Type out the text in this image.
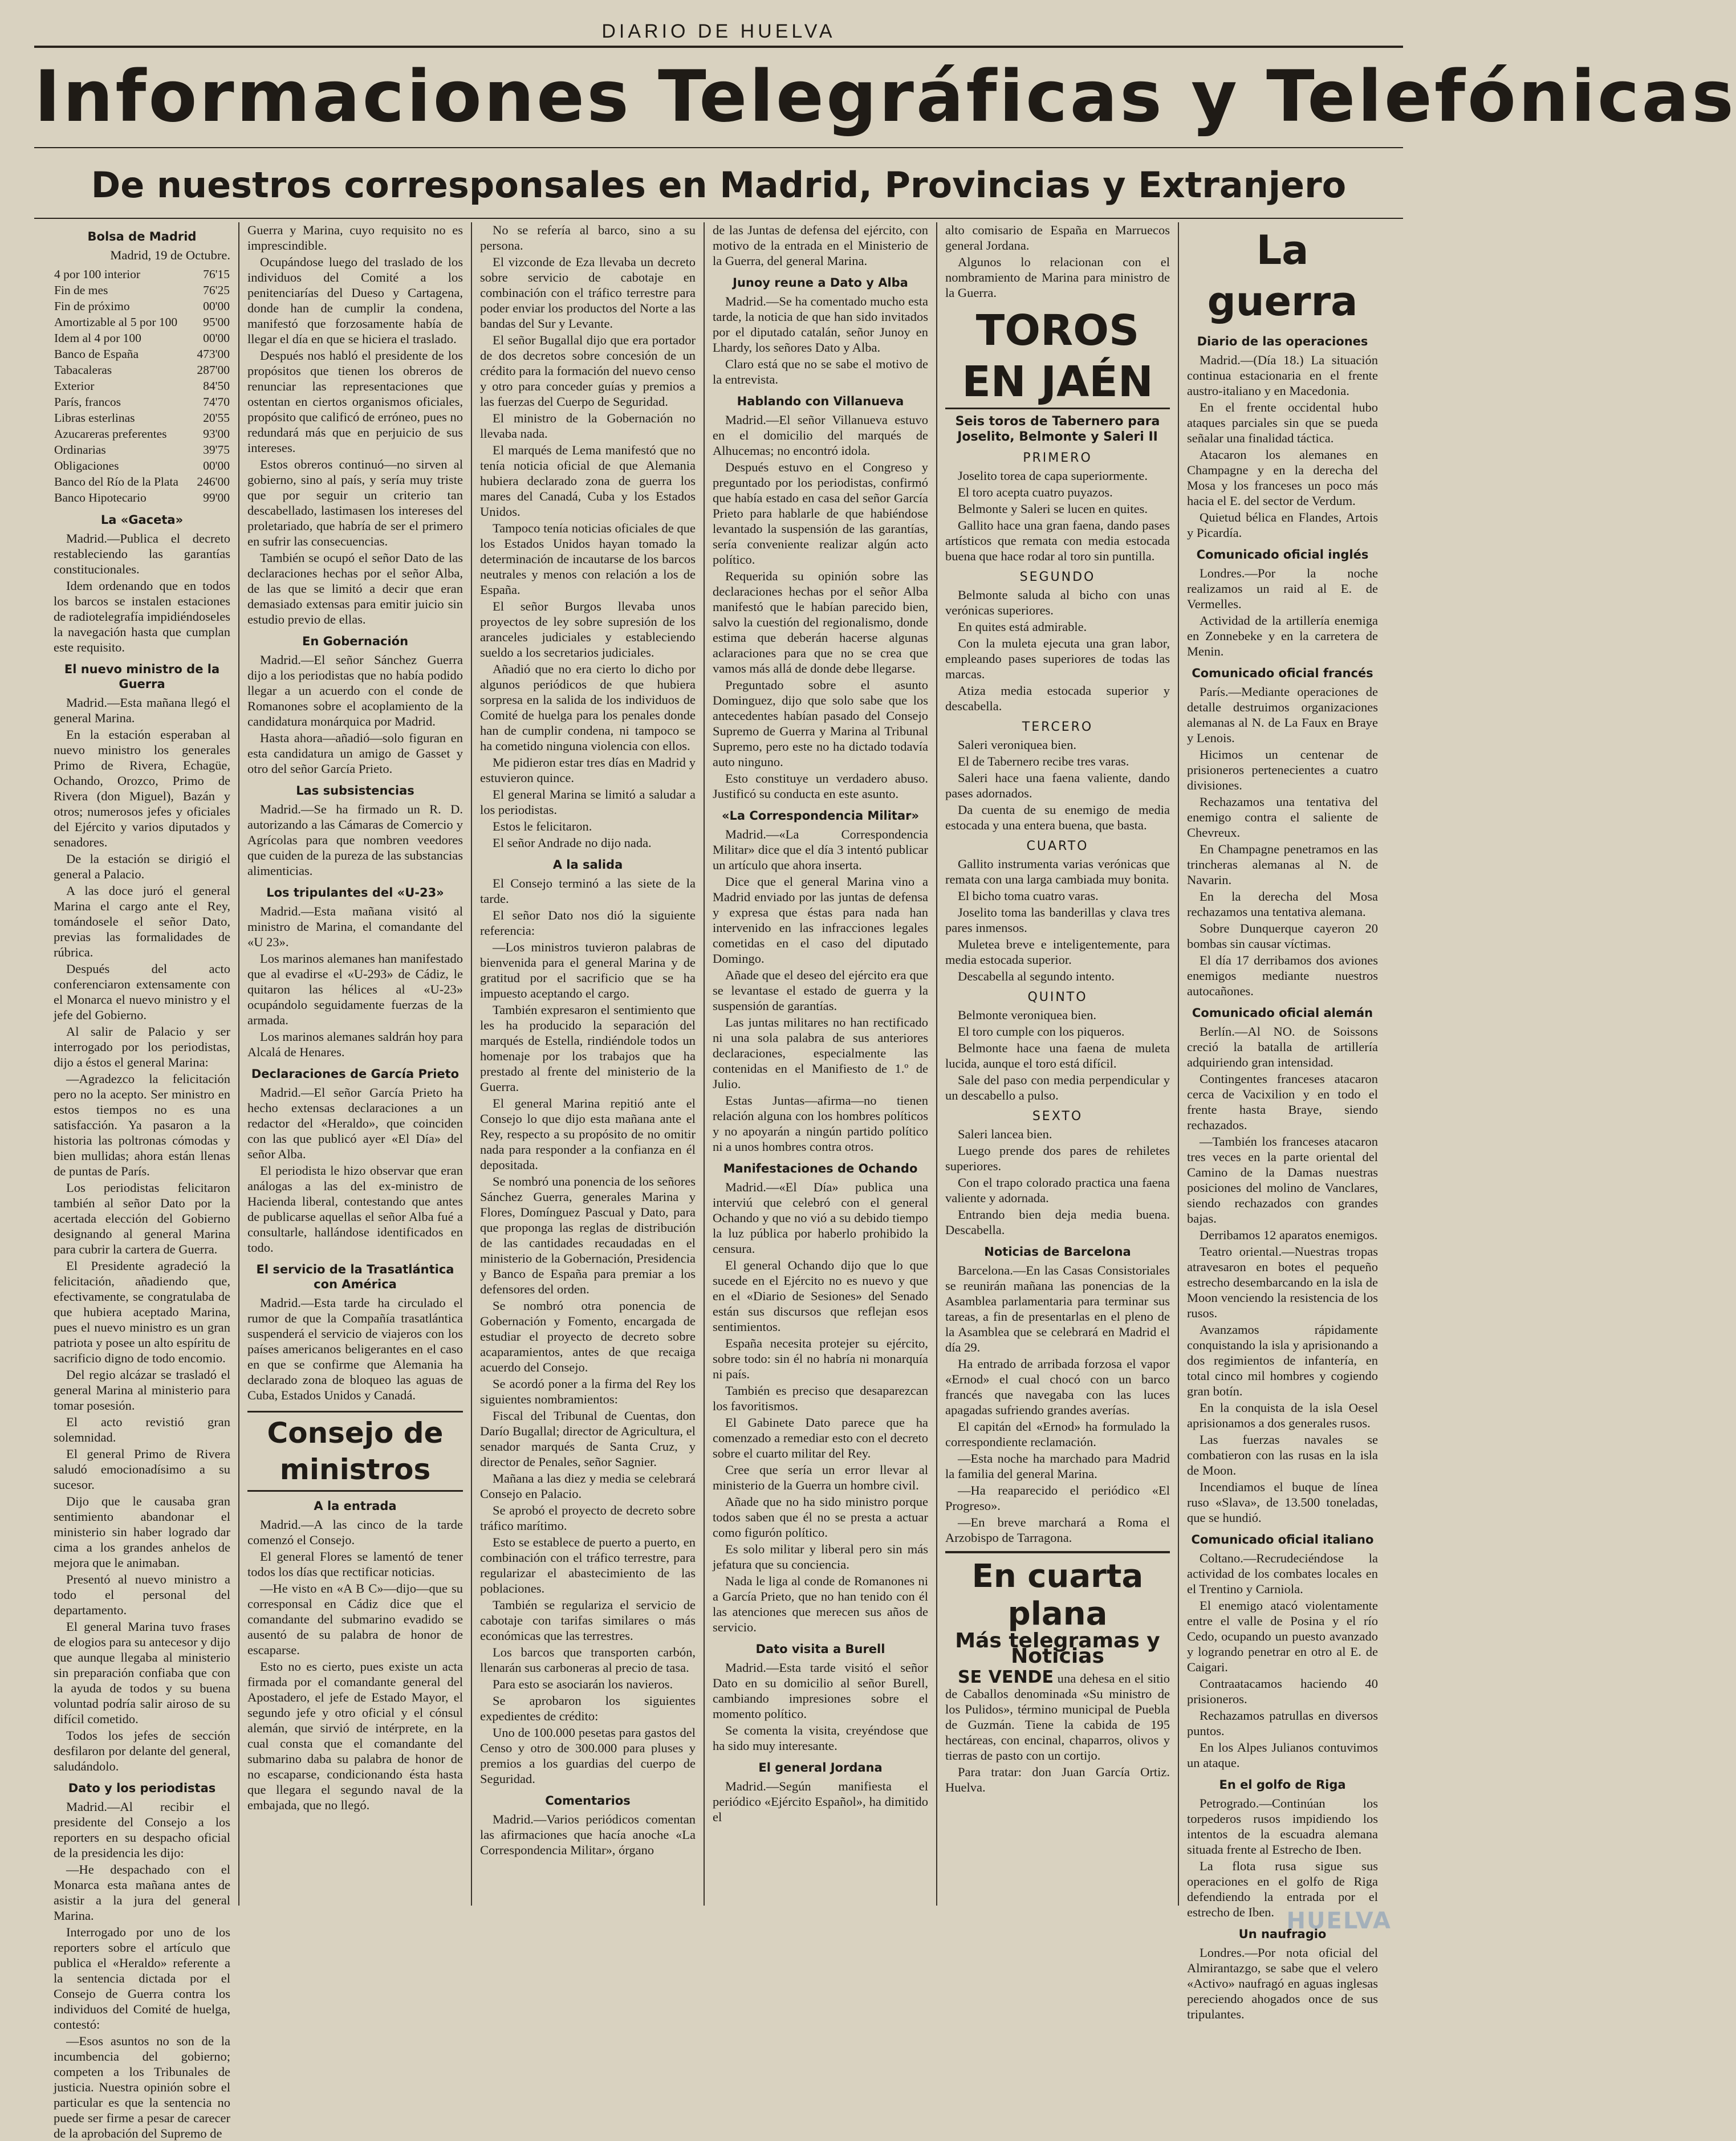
DIARIO DE HUELVA
Informaciones Telegráficas y Telefónicas
De nuestros corresponsales en Madrid, Provincias y Extranjero
Bolsa de Madrid
Madrid, 19 de Octubre.
4 por 100 interior	76'15
Fin de mes	76'25
Fin de próximo	00'00
Amortizable al 5 por 100	95'00
Idem al 4 por 100	00'00
Banco de España	473'00
Tabacaleras	287'00
Exterior	84'50
París, francos	74'70
Libras esterlinas	20'55
Azucareras preferentes	93'00
Ordinarias	39'75
Obligaciones	00'00
Banco del Río de la Plata	246'00
Banco Hipotecario	99'00
La «Gaceta»

Madrid.—Publica el decreto restableciendo las garantías constitucionales.

Idem ordenando que en todos los barcos se instalen estaciones de radiotelegrafía impidiéndoseles la navegación hasta que cumplan este requisito.

El nuevo ministro de la Guerra

Madrid.—Esta mañana llegó el general Marina.

En la estación esperaban al nuevo ministro los generales Primo de Rivera, Echagüe, Ochando, Orozco, Primo de Rivera (don Miguel), Bazán y otros; numerosos jefes y oficiales del Ejército y varios diputados y senadores.

De la estación se dirigió el general a Palacio.

A las doce juró el general Marina el cargo ante el Rey, tomándosele el señor Dato, previas las formalidades de rúbrica.

Después del acto conferenciaron extensamente con el Monarca el nuevo ministro y el jefe del Gobierno.

Al salir de Palacio y ser interrogado por los periodistas, dijo a éstos el general Marina:

—Agradezco la felicitación pero no la acepto. Ser ministro en estos tiempos no es una satisfacción. Ya pasaron a la historia las poltronas cómodas y bien mullidas; ahora están llenas de puntas de París.

Los periodistas felicitaron también al señor Dato por la acertada elección del Gobierno designando al general Marina para cubrir la cartera de Guerra.

El Presidente agradeció la felicitación, añadiendo que, efectivamente, se congratulaba de que hubiera aceptado Marina, pues el nuevo ministro es un gran patriota y posee un alto espíritu de sacrificio digno de todo encomio.

Del regio alcázar se trasladó el general Marina al ministerio para tomar posesión.

El acto revistió gran solemnidad.

El general Primo de Rivera saludó emocionadísimo a su sucesor.

Dijo que le causaba gran sentimiento abandonar el ministerio sin haber logrado dar cima a los grandes anhelos de mejora que le animaban.

Presentó al nuevo ministro a todo el personal del departamento.

El general Marina tuvo frases de elogios para su antecesor y dijo que aunque llegaba al ministerio sin preparación confiaba que con la ayuda de todos y su buena voluntad podría salir airoso de su difícil cometido.

Todos los jefes de sección desfilaron por delante del general, saludándolo.

Dato y los periodistas

Madrid.—Al recibir el presidente del Consejo a los reporters en su despacho oficial de la presidencia les dijo:

—He despachado con el Monarca esta mañana antes de asistir a la jura del general Marina.

Interrogado por uno de los reporters sobre el artículo que publica el «Heraldo» referente a la sentencia dictada por el Consejo de Guerra contra los individuos del Comité de huelga, contestó:

—Esos asuntos no son de la incumbencia del gobierno; competen a los Tribunales de justicia. Nuestra opinión sobre el particular es que la sentencia no puede ser firme a pesar de carecer de la aprobación del Supremo de

Guerra y Marina, cuyo requisito no es imprescindible.

Ocupándose luego del traslado de los individuos del Comité a los penitenciarías del Dueso y Cartagena, donde han de cumplir la condena, manifestó que forzosamente había de llegar el día en que se hiciera el traslado.

Después nos habló el presidente de los propósitos que tienen los obreros de renunciar las representaciones que ostentan en ciertos organismos oficiales, propósito que calificó de erróneo, pues no redundará más que en perjuicio de sus intereses.

Estos obreros continuó—no sirven al gobierno, sino al país, y sería muy triste que por seguir un criterio tan descabellado, lastimasen los intereses del proletariado, que habría de ser el primero en sufrir las consecuencias.

También se ocupó el señor Dato de las declaraciones hechas por el señor Alba, de las que se limitó a decir que eran demasiado extensas para emitir juicio sin estudio previo de ellas.

En Gobernación

Madrid.—El señor Sánchez Guerra dijo a los periodistas que no había podido llegar a un acuerdo con el conde de Romanones sobre el acoplamiento de la candidatura monárquica por Madrid.

Hasta ahora—añadió—solo figuran en esta candidatura un amigo de Gasset y otro del señor García Prieto.

Las subsistencias

Madrid.—Se ha firmado un R. D. autorizando a las Cámaras de Comercio y Agrícolas para que nombren veedores que cuiden de la pureza de las substancias alimenticias.

Los tripulantes del «U-23»

Madrid.—Esta mañana visitó al ministro de Marina, el comandante del «U 23».

Los marinos alemanes han manifestado que al evadirse el «U-293» de Cádiz, le quitaron las hélices al «U-23» ocupándolo seguidamente fuerzas de la armada.

Los marinos alemanes saldrán hoy para Alcalá de Henares.

Declaraciones de García Prieto

Madrid.—El señor García Prieto ha hecho extensas declaraciones a un redactor del «Heraldo», que coinciden con las que publicó ayer «El Día» del señor Alba.

El periodista le hizo observar que eran análogas a las del ex-ministro de Hacienda liberal, contestando que antes de publicarse aquellas el señor Alba fué a consultarle, hallándose identificados en todo.

El servicio de la Trasatlántica con América

Madrid.—Esta tarde ha circulado el rumor de que la Compañía trasatlántica suspenderá el servicio de viajeros con los países americanos beligerantes en el caso en que se confirme que Alemania ha declarado zona de bloqueo las aguas de Cuba, Estados Unidos y Canadá.

Consejo de ministros
A la entrada

Madrid.—A las cinco de la tarde comenzó el Consejo.

El general Flores se lamentó de tener todos los días que rectificar noticias.

—He visto en «A B C»—dijo—que su corresponsal en Cádiz dice que el comandante del submarino evadido se ausentó de su palabra de honor de escaparse.

Esto no es cierto, pues existe un acta firmada por el comandante general del Apostadero, el jefe de Estado Mayor, el segundo jefe y otro oficial y el cónsul alemán, que sirvió de intérprete, en la cual consta que el comandante del submarino daba su palabra de honor de no escaparse, condicionando ésta hasta que llegara el segundo naval de la embajada, que no llegó.

No se refería al barco, sino a su persona.

El vizconde de Eza llevaba un decreto sobre servicio de cabotaje en combinación con el tráfico terrestre para poder enviar los productos del Norte a las bandas del Sur y Levante.

El señor Bugallal dijo que era portador de dos decretos sobre concesión de un crédito para la formación del nuevo censo y otro para conceder guías y premios a las fuerzas del Cuerpo de Seguridad.

El ministro de la Gobernación no llevaba nada.

El marqués de Lema manifestó que no tenía noticia oficial de que Alemania hubiera declarado zona de guerra los mares del Canadá, Cuba y los Estados Unidos.

Tampoco tenía noticias oficiales de que los Estados Unidos hayan tomado la determinación de incautarse de los barcos neutrales y menos con relación a los de España.

El señor Burgos llevaba unos proyectos de ley sobre supresión de los aranceles judiciales y estableciendo sueldo a los secretarios judiciales.

Añadió que no era cierto lo dicho por algunos periódicos de que hubiera sorpresa en la salida de los individuos de Comité de huelga para los penales donde han de cumplir condena, ni tampoco se ha cometido ninguna violencia con ellos.

Me pidieron estar tres días en Madrid y estuvieron quince.

El general Marina se limitó a saludar a los periodistas.

Estos le felicitaron.

El señor Andrade no dijo nada.

A la salida

El Consejo terminó a las siete de la tarde.

El señor Dato nos dió la siguiente referencia:

—Los ministros tuvieron palabras de bienvenida para el general Marina y de gratitud por el sacrificio que se ha impuesto aceptando el cargo.

También expresaron el sentimiento que les ha producido la separación del marqués de Estella, rindiéndole todos un homenaje por los trabajos que ha prestado al frente del ministerio de la Guerra.

El general Marina repitió ante el Consejo lo que dijo esta mañana ante el Rey, respecto a su propósito de no omitir nada para responder a la confianza en él depositada.

Se nombró una ponencia de los señores Sánchez Guerra, generales Marina y Flores, Domínguez Pascual y Dato, para que proponga las reglas de distribución de las cantidades recaudadas en el ministerio de la Gobernación, Presidencia y Banco de España para premiar a los defensores del orden.

Se nombró otra ponencia de Gobernación y Fomento, encargada de estudiar el proyecto de decreto sobre acaparamientos, antes de que recaiga acuerdo del Consejo.

Se acordó poner a la firma del Rey los siguientes nombramientos:

Fiscal del Tribunal de Cuentas, don Darío Bugallal; director de Agricultura, el senador marqués de Santa Cruz, y director de Penales, señor Sagnier.

Mañana a las diez y media se celebrará Consejo en Palacio.

Se aprobó el proyecto de decreto sobre tráfico marítimo.

Esto se establece de puerto a puerto, en combinación con el tráfico terrestre, para regularizar el abastecimiento de las poblaciones.

También se regulariza el servicio de cabotaje con tarifas similares o más económicas que las terrestres.

Los barcos que transporten carbón, llenarán sus carboneras al precio de tasa.

Para esto se asociarán los navieros.

Se aprobaron los siguientes expedientes de crédito:

Uno de 100.000 pesetas para gastos del Censo y otro de 300.000 para pluses y premios a los guardias del cuerpo de Seguridad.

Comentarios

Madrid.—Varios periódicos comentan las afirmaciones que hacía anoche «La Correspondencia Militar», órgano

de las Juntas de defensa del ejército, con motivo de la entrada en el Ministerio de la Guerra, del general Marina.

Junoy reune a Dato y Alba

Madrid.—Se ha comentado mucho esta tarde, la noticia de que han sido invitados por el diputado catalán, señor Junoy en Lhardy, los señores Dato y Alba.

Claro está que no se sabe el motivo de la entrevista.

Hablando con Villanueva

Madrid.—El señor Villanueva estuvo en el domicilio del marqués de Alhucemas; no encontró idola.

Después estuvo en el Congreso y preguntado por los periodistas, confirmó que había estado en casa del señor García Prieto para hablarle de que habiéndose levantado la suspensión de las garantías, sería conveniente realizar algún acto político.

Requerida su opinión sobre las declaraciones hechas por el señor Alba manifestó que le habían parecido bien, salvo la cuestión del regionalismo, donde estima que deberán hacerse algunas aclaraciones para que no se crea que vamos más allá de donde debe llegarse.

Preguntado sobre el asunto Dominguez, dijo que solo sabe que los antecedentes habían pasado del Consejo Supremo de Guerra y Marina al Tribunal Supremo, pero este no ha dictado todavía auto ninguno.

Esto constituye un verdadero abuso. Justificó su conducta en este asunto.

«La Correspondencia Militar»

Madrid.—«La Correspondencia Militar» dice que el día 3 intentó publicar un artículo que ahora inserta.

Dice que el general Marina vino a Madrid enviado por las juntas de defensa y expresa que éstas para nada han intervenido en las infracciones legales cometidas en el caso del diputado Domingo.

Añade que el deseo del ejército era que se levantase el estado de guerra y la suspensión de garantías.

Las juntas militares no han rectificado ni una sola palabra de sus anteriores declaraciones, especialmente las contenidas en el Manifiesto de 1.º de Julio.

Estas Juntas—afirma—no tienen relación alguna con los hombres políticos y no apoyarán a ningún partido político ni a unos hombres contra otros.

Manifestaciones de Ochando

Madrid.—«El Día» publica una interviú que celebró con el general Ochando y que no vió a su debido tiempo la luz pública por haberlo prohibido la censura.

El general Ochando dijo que lo que sucede en el Ejército no es nuevo y que en el «Diario de Sesiones» del Senado están sus discursos que reflejan esos sentimientos.

España necesita protejer su ejército, sobre todo: sin él no habría ni monarquía ni país.

También es preciso que desaparezcan los favoritismos.

El Gabinete Dato parece que ha comenzado a remediar esto con el decreto sobre el cuarto militar del Rey.

Cree que sería un error llevar al ministerio de la Guerra un hombre civil.

Añade que no ha sido ministro porque todos saben que él no se presta a actuar como figurón político.

Es solo militar y liberal pero sin más jefatura que su conciencia.

Nada le liga al conde de Romanones ni a García Prieto, que no han tenido con él las atenciones que merecen sus años de servicio.

Dato visita a Burell

Madrid.—Esta tarde visitó el señor Dato en su domicilio al señor Burell, cambiando impresiones sobre el momento político.

Se comenta la visita, creyéndose que ha sido muy interesante.

El general Jordana

Madrid.—Según manifiesta el periódico «Ejército Español», ha dimitido el

alto comisario de España en Marruecos general Jordana.

Algunos lo relacionan con el nombramiento de Marina para ministro de la Guerra.

TOROS EN JAÉN
Seis toros de Tabernero para Joselito, Belmonte y Saleri II
PRIMERO

Joselito torea de capa superiormente.

El toro acepta cuatro puyazos.

Belmonte y Saleri se lucen en quites.

Gallito hace una gran faena, dando pases artísticos que remata con media estocada buena que hace rodar al toro sin puntilla.

SEGUNDO

Belmonte saluda al bicho con unas verónicas superiores.

En quites está admirable.

Con la muleta ejecuta una gran labor, empleando pases superiores de todas las marcas.

Atiza media estocada superior y descabella.

TERCERO

Saleri veroniquea bien.

El de Tabernero recibe tres varas.

Saleri hace una faena valiente, dando pases adornados.

Da cuenta de su enemigo de media estocada y una entera buena, que basta.

CUARTO

Gallito instrumenta varias verónicas que remata con una larga cambiada muy bonita.

El bicho toma cuatro varas.

Joselito toma las banderillas y clava tres pares inmensos.

Muletea breve e inteligentemente, para media estocada superior.

Descabella al segundo intento.

QUINTO

Belmonte veroniquea bien.

El toro cumple con los piqueros.

Belmonte hace una faena de muleta lucida, aunque el toro está difícil.

Sale del paso con media perpendicular y un descabello a pulso.

SEXTO

Saleri lancea bien.

Luego prende dos pares de rehiletes superiores.

Con el trapo colorado practica una faena valiente y adornada.

Entrando bien deja media buena. Descabella.

Noticias de Barcelona

Barcelona.—En las Casas Consistoriales se reunirán mañana las ponencias de la Asamblea parlamentaria para terminar sus tareas, a fin de presentarlas en el pleno de la Asamblea que se celebrará en Madrid el día 29.

Ha entrado de arribada forzosa el vapor «Ernod» el cual chocó con un barco francés que navegaba con las luces apagadas sufriendo grandes averías.

El capitán del «Ernod» ha formulado la correspondiente reclamación.

—Esta noche ha marchado para Madrid la familia del general Marina.

—Ha reaparecido el periódico «El Progreso».

—En breve marchará a Roma el Arzobispo de Tarragona.

En cuarta plana
Más telegramas y Noticias

SE VENDE una dehesa en el sitio de Caballos denominada «Su ministro de los Pulidos», término municipal de Puebla de Guzmán. Tiene la cabida de 195 hectáreas, con encinal, chaparros, olivos y tierras de pasto con un cortijo.

Para tratar: don Juan García Ortiz. Huelva.

La guerra
Diario de las operaciones

Madrid.—(Día 18.) La situación continua estacionaria en el frente austro-italiano y en Macedonia.

En el frente occidental hubo ataques parciales sin que se pueda señalar una finalidad táctica.

Atacaron los alemanes en Champagne y en la derecha del Mosa y los franceses un poco más hacia el E. del sector de Verdum.

Quietud bélica en Flandes, Artois y Picardía.

Comunicado oficial inglés

Londres.—Por la noche realizamos un raid al E. de Vermelles.

Actividad de la artillería enemiga en Zonnebeke y en la carretera de Menin.

Comunicado oficial francés

París.—Mediante operaciones de detalle destruimos organizaciones alemanas al N. de La Faux en Braye y Lenois.

Hicimos un centenar de prisioneros pertenecientes a cuatro divisiones.

Rechazamos una tentativa del enemigo contra el saliente de Chevreux.

En Champagne penetramos en las trincheras alemanas al N. de Navarin.

En la derecha del Mosa rechazamos una tentativa alemana.

Sobre Dunquerque cayeron 20 bombas sin causar víctimas.

El día 17 derribamos dos aviones enemigos mediante nuestros autocañones.

Comunicado oficial alemán

Berlín.—Al NO. de Soissons creció la batalla de artillería adquiriendo gran intensidad.

Contingentes franceses atacaron cerca de Vacixilion y en todo el frente hasta Braye, siendo rechazados.

—También los franceses atacaron tres veces en la parte oriental del Camino de la Damas nuestras posiciones del molino de Vanclares, siendo rechazados con grandes bajas.

Derribamos 12 aparatos enemigos.

Teatro oriental.—Nuestras tropas atravesaron en botes el pequeño estrecho desembarcando en la isla de Moon venciendo la resistencia de los rusos.

Avanzamos rápidamente conquistando la isla y aprisionando a dos regimientos de infantería, en total cinco mil hombres y cogiendo gran botín.

En la conquista de la isla Oesel aprisionamos a dos generales rusos.

Las fuerzas navales se combatieron con las rusas en la isla de Moon.

Incendiamos el buque de línea ruso «Slava», de 13.500 toneladas, que se hundió.

Comunicado oficial italiano

Coltano.—Recrudeciéndose la actividad de los combates locales en el Trentino y Carniola.

El enemigo atacó violentamente entre el valle de Posina y el río Cedo, ocupando un puesto avanzado y logrando penetrar en otro al E. de Caigari.

Contraatacamos haciendo 40 prisioneros.

Rechazamos patrullas en diversos puntos.

En los Alpes Julianos contuvimos un ataque.

En el golfo de Riga

Petrogrado.—Continúan los torpederos rusos impidiendo los intentos de la escuadra alemana situada frente al Estrecho de Iben.

La flota rusa sigue sus operaciones en el golfo de Riga defendiendo la entrada por el estrecho de Iben.

Un naufragio

Londres.—Por nota oficial del Almirantazgo, se sabe que el velero «Activo» naufragó en aguas inglesas pereciendo ahogados once de sus tripulantes.

HUELVA
